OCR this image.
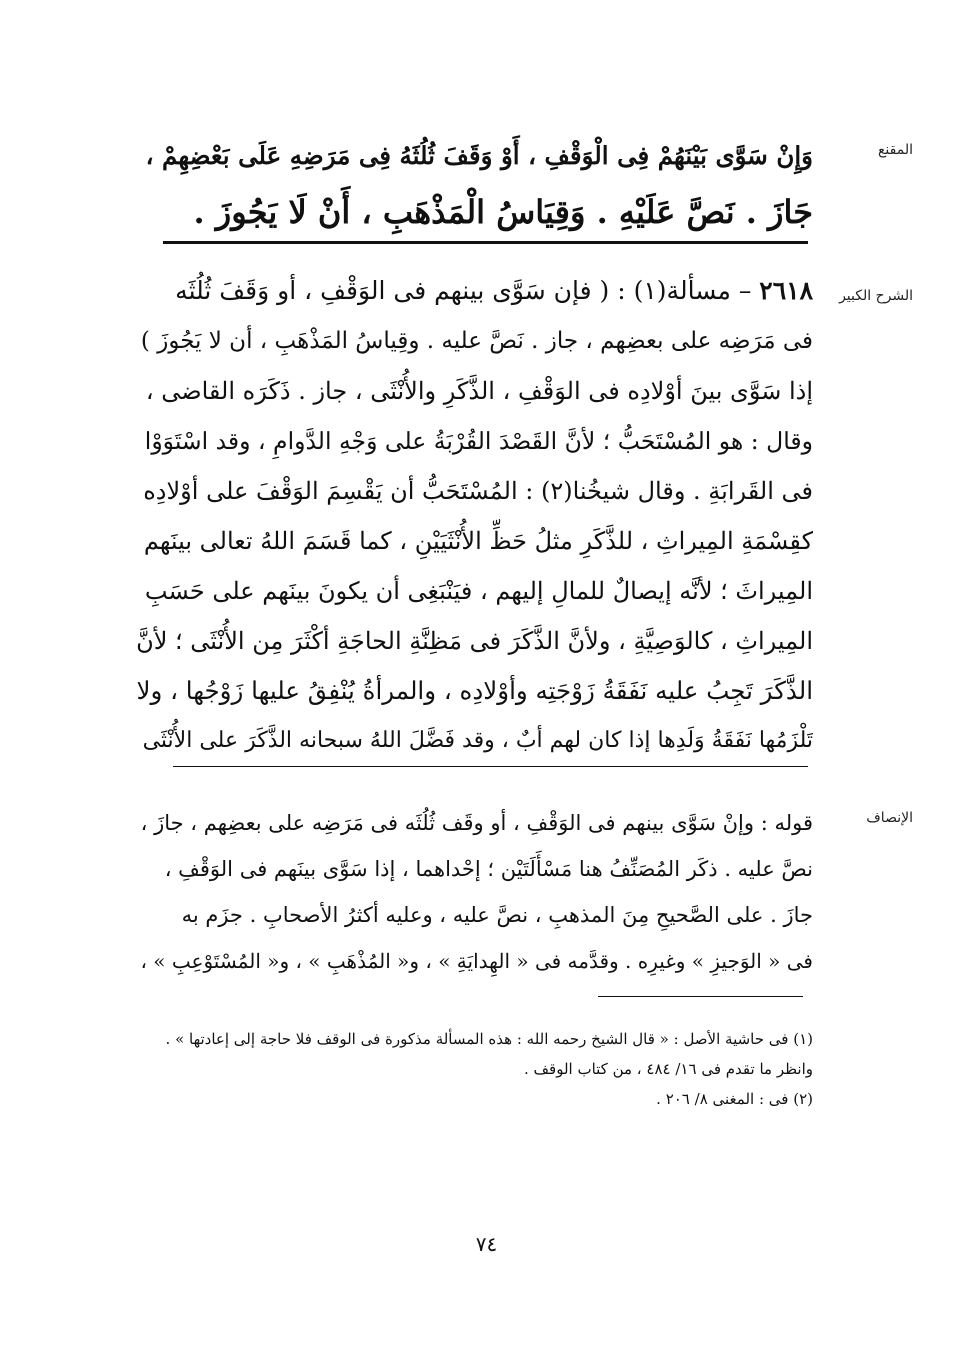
المقنع
وَإِنْ سَوَّى بَيْنَهُمْ فِى الْوَقْفِ ، أَوْ وَقَفَ ثُلُثَهُ فِى مَرَضِهِ عَلَى بَعْضِهِمْ ،
جَازَ . نَصَّ عَلَيْهِ . وَقِيَاسُ الْمَذْهَبِ ، أَنْ لَا يَجُوزَ .
الشرح الكبير
٢٦١٨ – مسألة(١) : ( فإن سَوَّى بينهم فى الوَقْفِ ، أو وَقَفَ ثُلُثَه
فى مَرَضِه على بعضِهم ، جاز . نَصَّ عليه . وقِياسُ المَذْهَبِ ، أن لا يَجُوزَ )
إذا سَوَّى بينَ أوْلادِه فى الوَقْفِ ، الذَّكَرِ والأُنْثَى ، جاز . ذَكَرَه القاضى ،
وقال : هو المُسْتَحَبُّ ؛ لأنَّ القَصْدَ القُرْبَةُ على وَجْهِ الدَّوامِ ، وقد اسْتَوَوْا
فى القَرابَةِ . وقال شيخُنا(٢) : المُسْتَحَبُّ أن يَقْسِمَ الوَقْفَ على أوْلادِه
كقِسْمَةِ المِيراثِ ، للذَّكَرِ مثلُ حَظِّ الأُنْثَيَيْنِ ، كما قَسَمَ اللهُ تعالى بينَهم
المِيراثَ ؛ لأنَّه إيصالٌ للمالِ إليهم ، فيَنْبَغِى أن يكونَ بينَهم على حَسَبِ
المِيراثِ ، كالوَصِيَّةِ ، ولأنَّ الذَّكَرَ فى مَظِنَّةِ الحاجَةِ أكْثَرَ مِن الأُنْثَى ؛ لأنَّ
الذَّكَرَ تَجِبُ عليه نَفَقَةُ زَوْجَتِه وأوْلادِه ، والمرأةُ يُنْفِقُ عليها زَوْجُها ، ولا
تَلْزَمُها نَفَقَةُ وَلَدِها إذا كان لهم أبٌ ، وقد فَضَّلَ اللهُ سبحانه الذَّكَرَ على الأُنْثَى
الإنصاف
قوله : وإنْ سَوَّى بينهم فى الوَقْفِ ، أو وقَف ثُلُثَه فى مَرَضِه على بعضِهم ، جازَ ،
نصَّ عليه . ذكَر المُصَنِّفُ هنا مَسْأَلَتَيْن ؛ إحْداهما ، إذا سَوَّى بينَهم فى الوَقْفِ ،
جازَ . على الصَّحيحِ مِنَ المذهبِ ، نصَّ عليه ، وعليه أكثرُ الأصحابِ . جزَم به
فى « الوَجيزِ » وغيرِه . وقدَّمه فى « الهِدايَةِ » ، و« المُذْهَبِ » ، و« المُسْتَوْعِبِ » ،
(١) فى حاشية الأصل : « قال الشيخ رحمه الله : هذه المسألة مذكورة فى الوقف فلا حاجة إلى إعادتها » .
وانظر ما تقدم فى ١٦/ ٤٨٤ ، من كتاب الوقف .
(٢) فى : المغنى ٨/ ٢٠٦ .
٧٤
